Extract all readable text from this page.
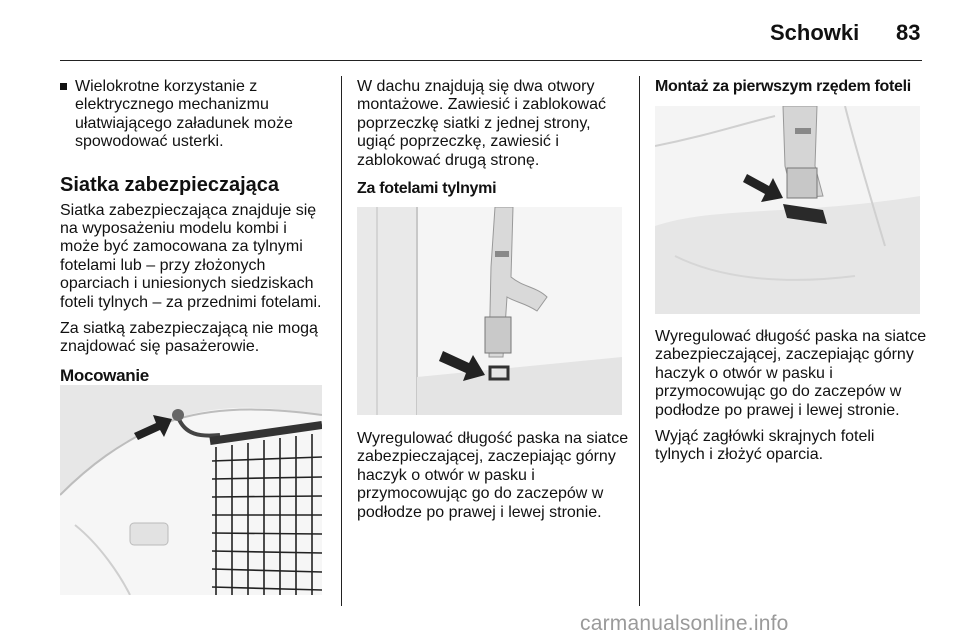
Schowki 83

Wielokrotne korzystanie z elektrycznego mechanizmu ułatwiającego załadunek może spowodować usterki.

Siatka zabezpieczająca

Siatka zabezpieczająca znajduje się na wyposażeniu modelu kombi i może być zamocowana za tylnymi fotelami lub – przy złożonych oparciach i uniesionych siedziskach foteli tylnych – za przednimi fotelami.

Za siatką zabezpieczającą nie mogą znajdować się pasażerowie.

Mocowanie

W dachu znajdują się dwa otwory montażowe. Zawiesić i zablokować poprzeczkę siatki z jednej strony, ugiąć poprzeczkę, zawiesić i zablokować drugą stronę.

Za fotelami tylnymi

Wyregulować długość paska na siatce zabezpieczającej, zaczepiając górny haczyk o otwór w pasku i przymocowując go do zaczepów w podłodze po prawej i lewej stronie.

Montaż za pierwszym rzędem foteli

Wyregulować długość paska na siatce zabezpieczającej, zaczepiając górny haczyk o otwór w pasku i przymocowując go do zaczepów w podłodze po prawej i lewej stronie.

Wyjąć zagłówki skrajnych foteli tylnych i złożyć oparcia.

carmanualsonline.info
